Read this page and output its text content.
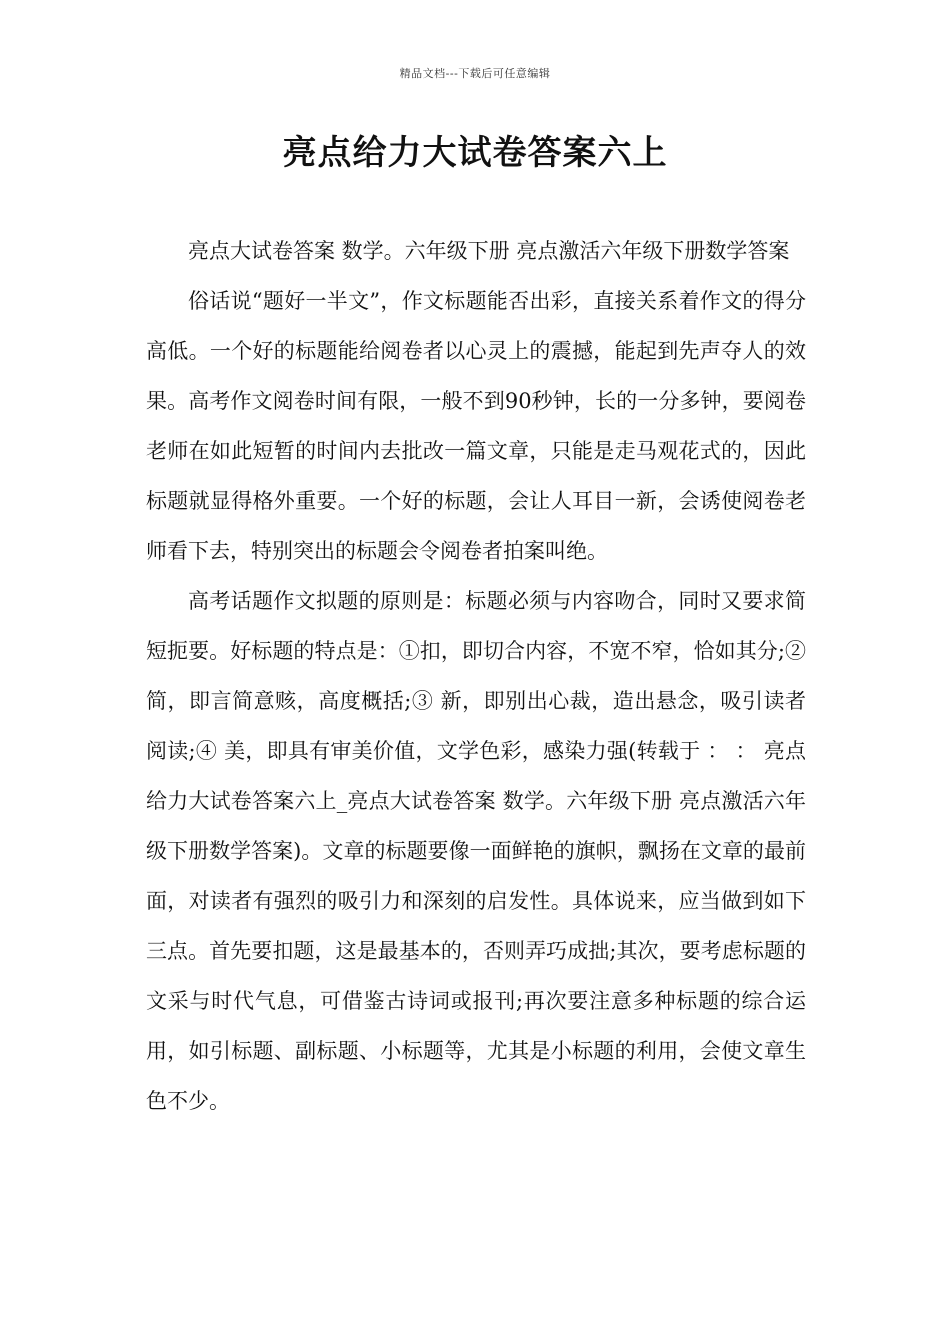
精品文档---下载后可任意编辑
亮点给力大试卷答案六上

亮点大试卷答案 数学。六年级下册 亮点激活六年级下册数学答案

俗话说“题好一半文”，作文标题能否出彩，直接关系着作文的得分高低。一个好的标题能给阅卷者以心灵上的震撼，能起到先声夺人的效果。高考作文阅卷时间有限，一般不到90秒钟，长的一分多钟，要阅卷老师在如此短暂的时间内去批改一篇文章，只能是走马观花式的，因此标题就显得格外重要。一个好的标题，会让人耳目一新，会诱使阅卷老师看下去，特别突出的标题会令阅卷者拍案叫绝。

高考话题作文拟题的原则是：标题必须与内容吻合，同时又要求简短扼要。好标题的特点是：①扣，即切合内容，不宽不窄，恰如其分;② 简，即言简意赅，高度概括;③ 新，即别出心裁，造出悬念，吸引读者阅读;④ 美，即具有审美价值，文学色彩，感染力强(转载于 ： ： 亮点给力大试卷答案六上_亮点大试卷答案 数学。六年级下册 亮点激活六年级下册数学答案)。文章的标题要像一面鲜艳的旗帜，飘扬在文章的最前面，对读者有强烈的吸引力和深刻的启发性。具体说来，应当做到如下三点。首先要扣题，这是最基本的，否则弄巧成拙;其次，要考虑标题的文采与时代气息，可借鉴古诗词或报刊;再次要注意多种标题的综合运用，如引标题、副标题、小标题等，尤其是小标题的利用，会使文章生色不少。
